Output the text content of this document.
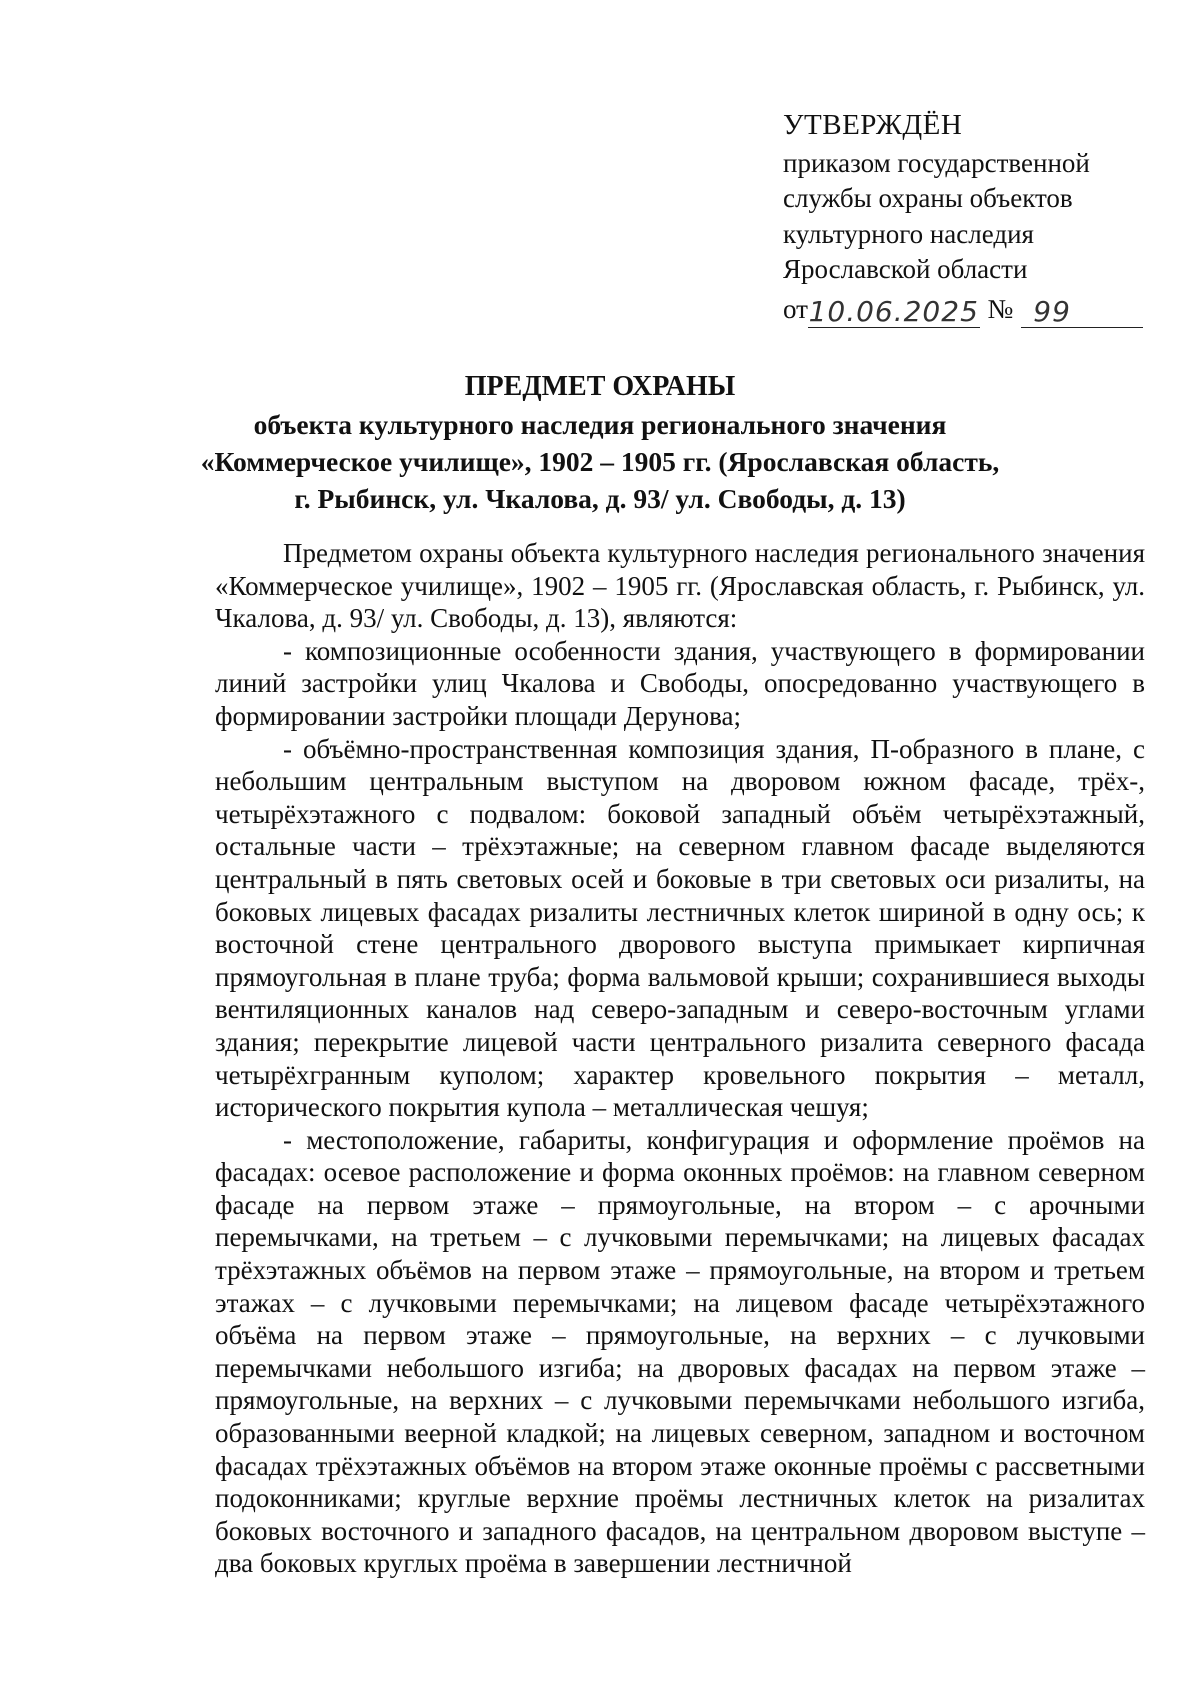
УТВЕРЖДЁН
приказом государственной
службы охраны объектов
культурного наследия
Ярославской области
от 10.06.2025 № 99
ПРЕДМЕТ ОХРАНЫ
объекта культурного наследия регионального значения
«Коммерческое училище», 1902 – 1905 гг. (Ярославская область,
г. Рыбинск, ул. Чкалова, д. 93/ ул. Свободы, д. 13)

Предметом охраны объекта культурного наследия регионального значения «Коммерческое училище», 1902 – 1905 гг. (Ярославская область, г. Рыбинск, ул. Чкалова, д. 93/ ул. Свободы, д. 13), являются:

- композиционные особенности здания, участвующего в формировании линий застройки улиц Чкалова и Свободы, опосредованно участвующего в формировании застройки площади Дерунова;

- объёмно-пространственная композиция здания, П-образного в плане, с небольшим центральным выступом на дворовом южном фасаде, трёх-, четырёхэтажного с подвалом: боковой западный объём четырёхэтажный, остальные части – трёхэтажные; на северном главном фасаде выделяются центральный в пять световых осей и боковые в три световых оси ризалиты, на боковых лицевых фасадах ризалиты лестничных клеток шириной в одну ось; к восточной стене центрального дворового выступа примыкает кирпичная прямоугольная в плане труба; форма вальмовой крыши; сохранившиеся выходы вентиляционных каналов над северо-западным и северо-восточным углами здания; перекрытие лицевой части центрального ризалита северного фасада четырёхгранным куполом; характер кровельного покрытия – металл, исторического покрытия купола – металлическая чешуя;

- местоположение, габариты, конфигурация и оформление проёмов на фасадах: осевое расположение и форма оконных проёмов: на главном северном фасаде на первом этаже – прямоугольные, на втором – с арочными перемычками, на третьем – с лучковыми перемычками; на лицевых фасадах трёхэтажных объёмов на первом этаже – прямоугольные, на втором и третьем этажах – с лучковыми перемычками; на лицевом фасаде четырёхэтажного объёма на первом этаже – прямоугольные, на верхних – с лучковыми перемычками небольшого изгиба; на дворовых фасадах на первом этаже – прямоугольные, на верхних – с лучковыми перемычками небольшого изгиба, образованными веерной кладкой; на лицевых северном, западном и восточном фасадах трёхэтажных объёмов на втором этаже оконные проёмы с рассветными подоконниками; круглые верхние проёмы лестничных клеток на ризалитах боковых восточного и западного фасадов, на центральном дворовом выступе – два боковых круглых проёма в завершении лестничной
